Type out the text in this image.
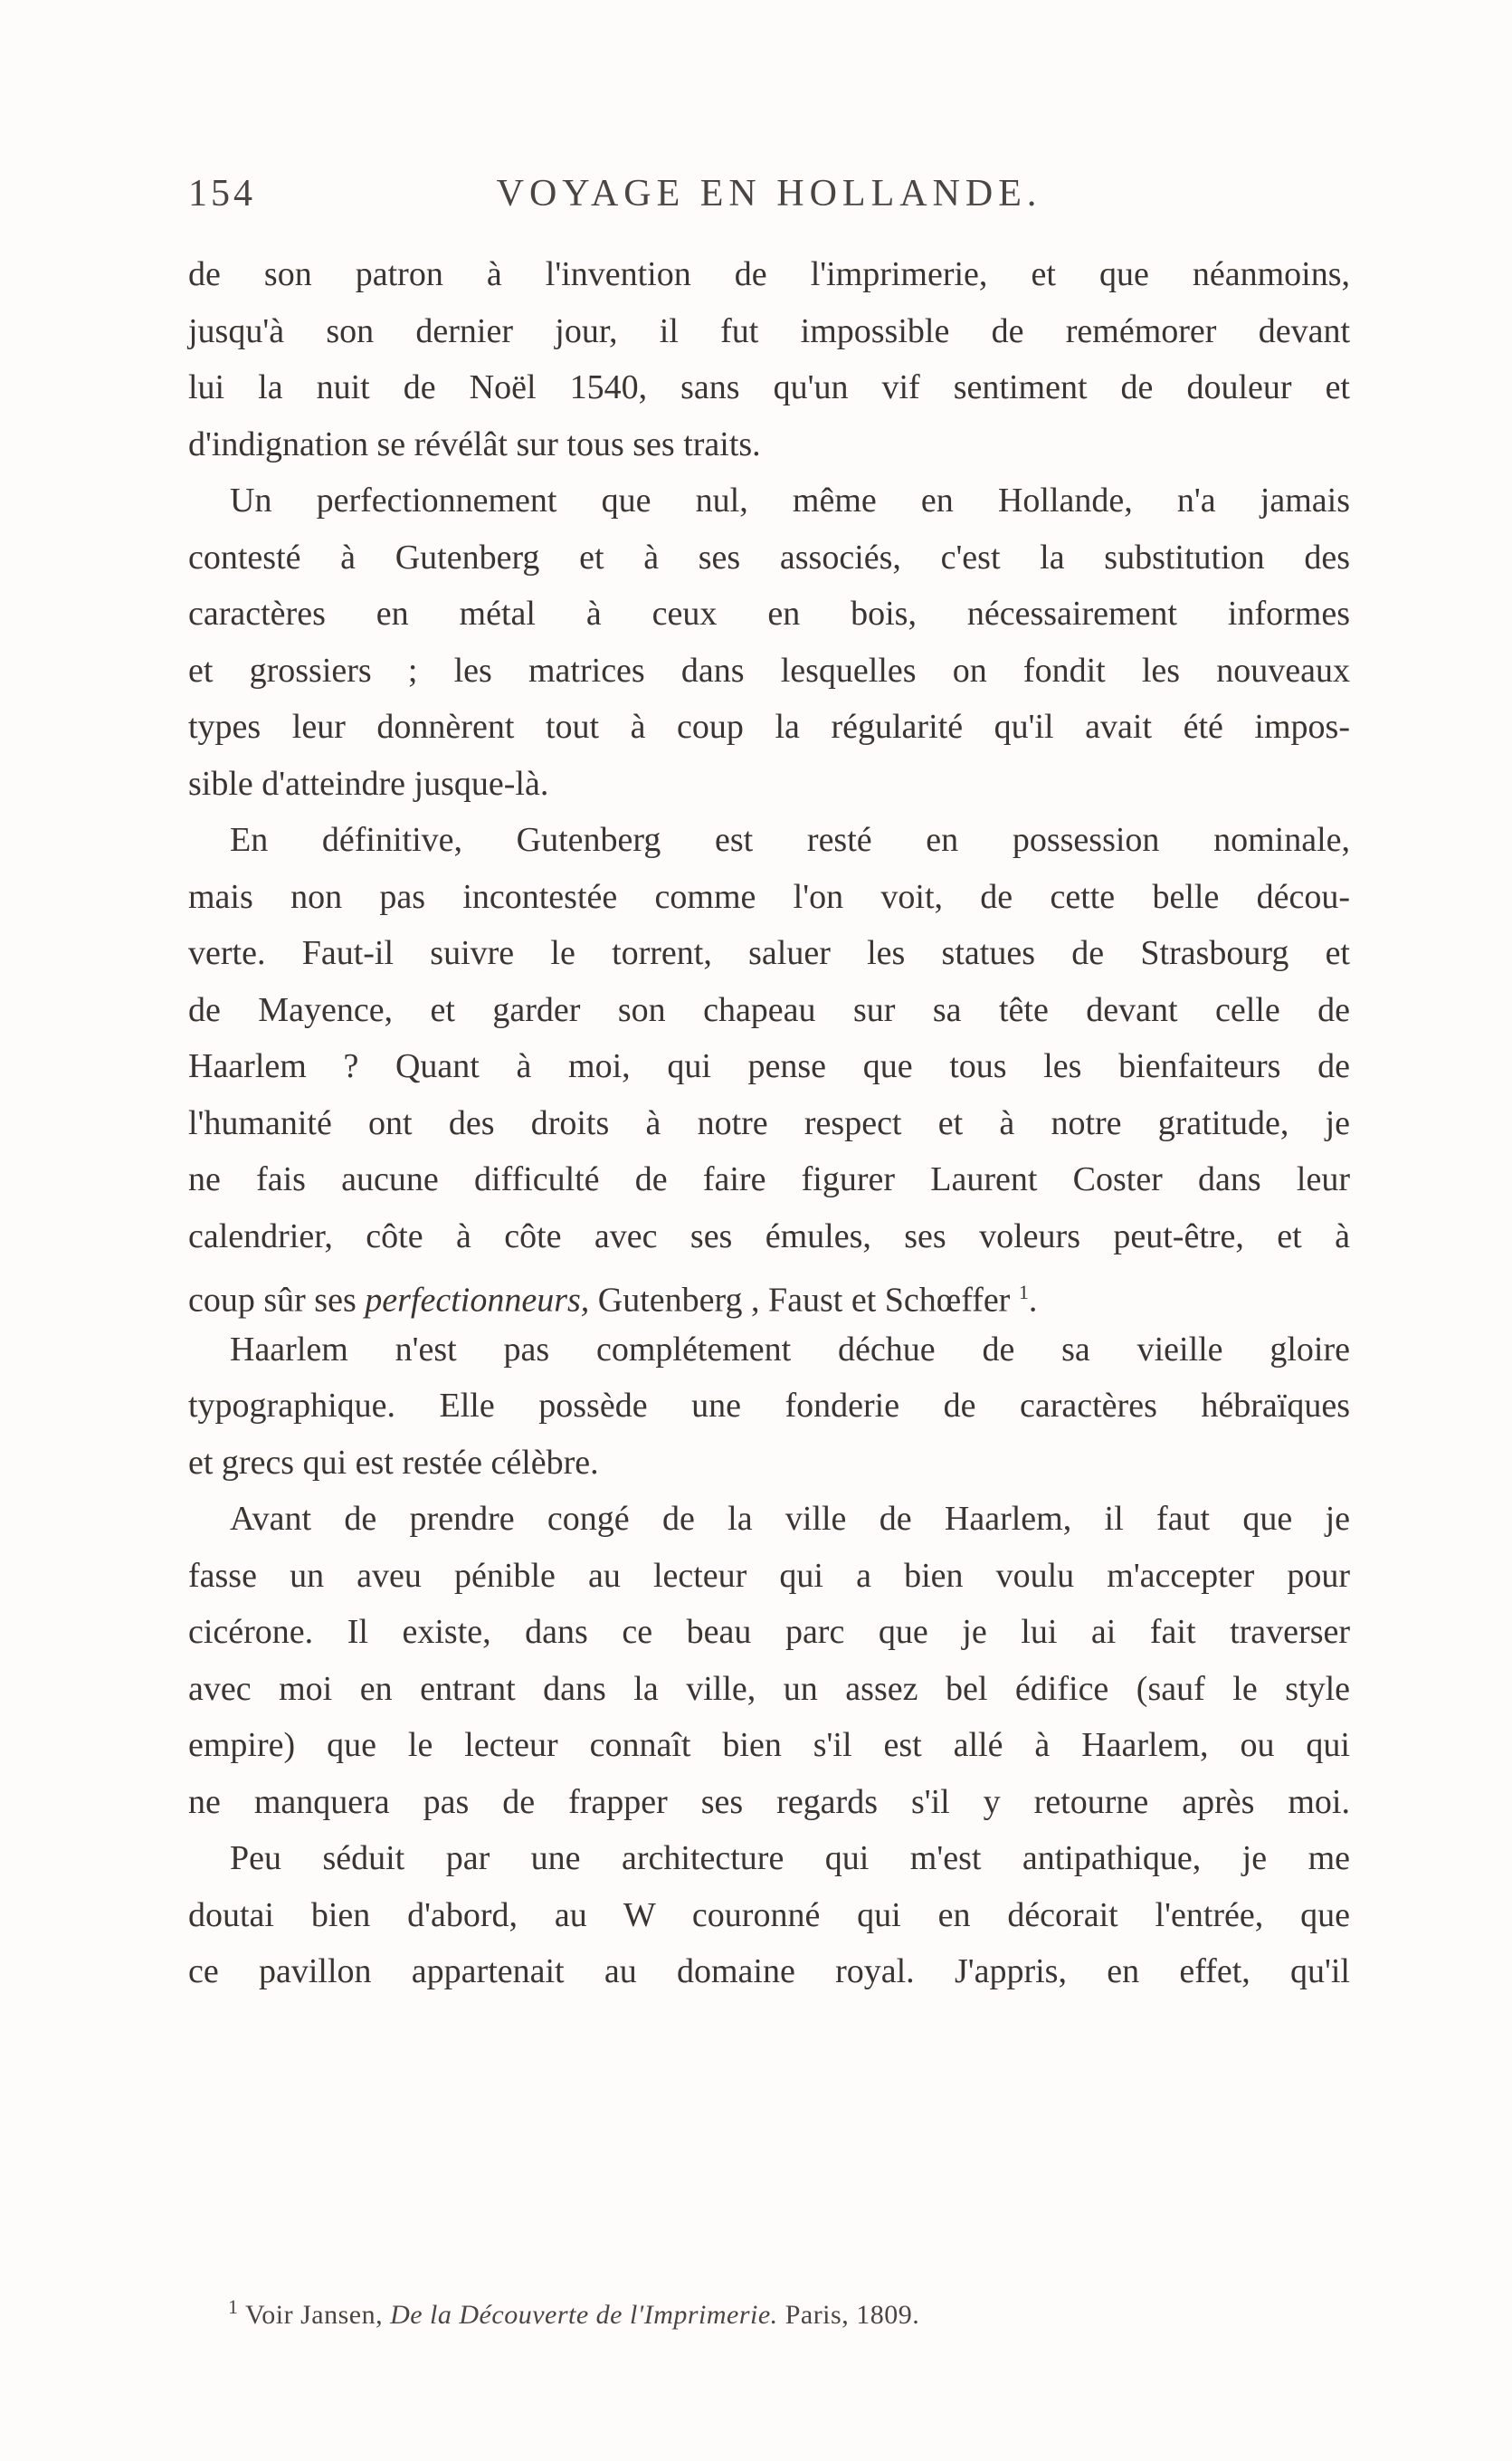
154	VOYAGE EN HOLLANDE.
de son patron à l'invention de l'imprimerie, et que néanmoins,
jusqu'à son dernier jour, il fut impossible de remémorer devant
lui la nuit de Noël 1540, sans qu'un vif sentiment de douleur et
d'indignation se révélât sur tous ses traits.
Un perfectionnement que nul, même en Hollande, n'a jamais
contesté à Gutenberg et à ses associés, c'est la substitution des
caractères en métal à ceux en bois, nécessairement informes
et grossiers ; les matrices dans lesquelles on fondit les nouveaux
types leur donnèrent tout à coup la régularité qu'il avait été impos-
sible d'atteindre jusque-là.
En définitive, Gutenberg est resté en possession nominale,
mais non pas incontestée comme l'on voit, de cette belle décou-
verte. Faut-il suivre le torrent, saluer les statues de Strasbourg et
de Mayence, et garder son chapeau sur sa tête devant celle de
Haarlem ? Quant à moi, qui pense que tous les bienfaiteurs de
l'humanité ont des droits à notre respect et à notre gratitude, je
ne fais aucune difficulté de faire figurer Laurent Coster dans leur
calendrier, côte à côte avec ses émules, ses voleurs peut-être, et à
coup sûr ses perfectionneurs, Gutenberg , Faust et Schœffer $^1$.
Haarlem n'est pas complétement déchue de sa vieille gloire
typographique. Elle possède une fonderie de caractères hébraïques
et grecs qui est restée célèbre.
Avant de prendre congé de la ville de Haarlem, il faut que je
fasse un aveu pénible au lecteur qui a bien voulu m'accepter pour
cicérone. Il existe, dans ce beau parc que je lui ai fait traverser
avec moi en entrant dans la ville, un assez bel édifice (sauf le style
empire) que le lecteur connaît bien s'il est allé à Haarlem, ou qui
ne manquera pas de frapper ses regards s'il y retourne après moi.
Peu séduit par une architecture qui m'est antipathique, je me
doutai bien d'abord, au W couronné qui en décorait l'entrée, que
ce pavillon appartenait au domaine royal. J'appris, en effet, qu'il
$^1$ Voir Jansen, De la Découverte de l'Imprimerie. Paris, 1809.
